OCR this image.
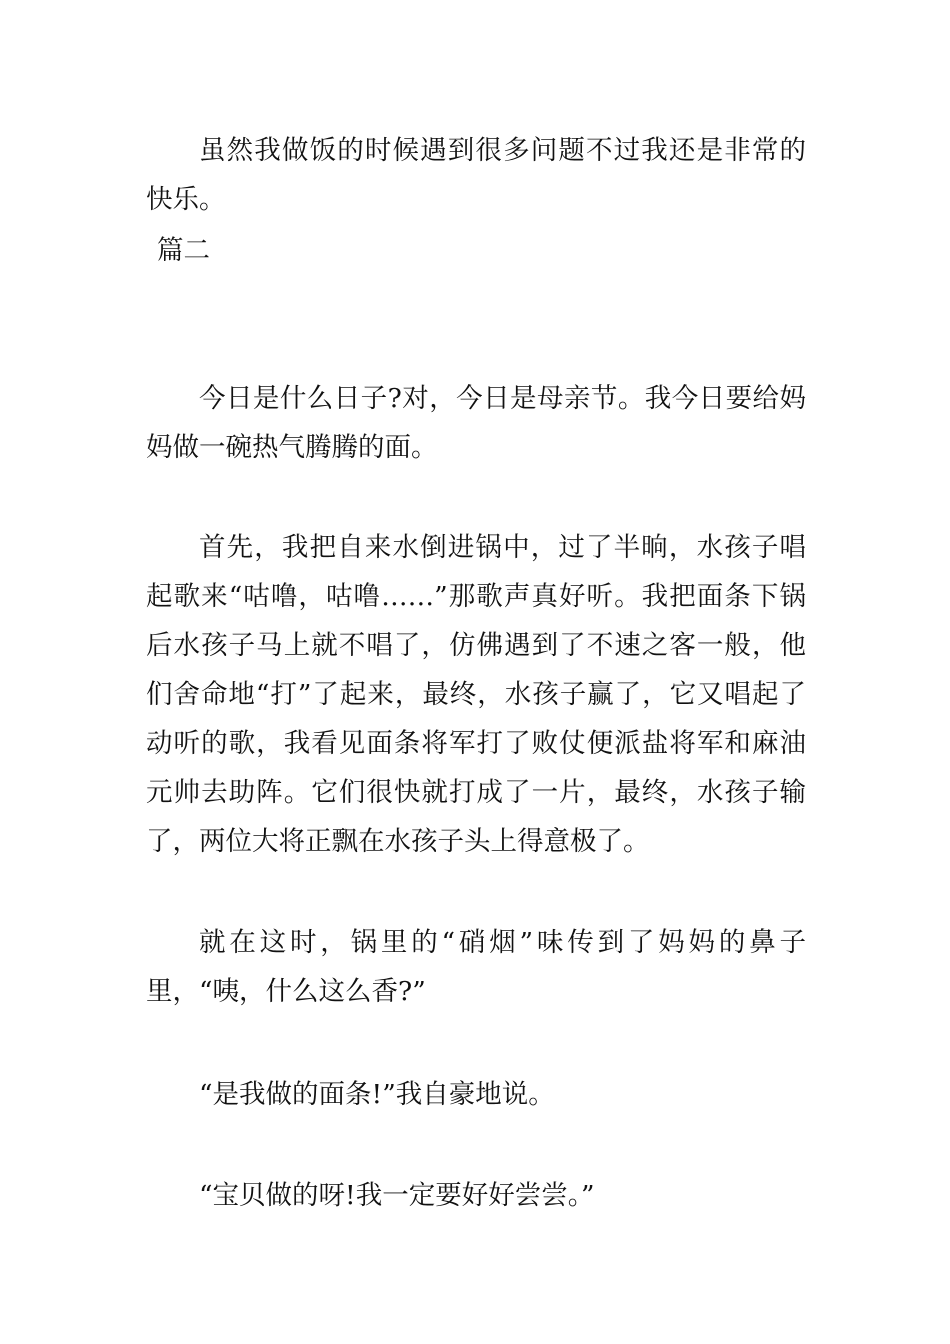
虽然我做饭的时候遇到很多问题不过我还是非常的快乐。

篇二

今日是什么日子?对，今日是母亲节。我今日要给妈妈做一碗热气腾腾的面。

首先，我把自来水倒进锅中，过了半晌，水孩子唱起歌来“咕噜，咕噜……”那歌声真好听。我把面条下锅后水孩子马上就不唱了，仿佛遇到了不速之客一般，他们舍命地“打”了起来，最终，水孩子赢了，它又唱起了动听的歌，我看见面条将军打了败仗便派盐将军和麻油元帅去助阵。它们很快就打成了一片，最终，水孩子输了，两位大将正飘在水孩子头上得意极了。

就在这时，锅里的“硝烟”味传到了妈妈的鼻子里，“咦，什么这么香?”

“是我做的面条!”我自豪地说。

“宝贝做的呀!我一定要好好尝尝。”
